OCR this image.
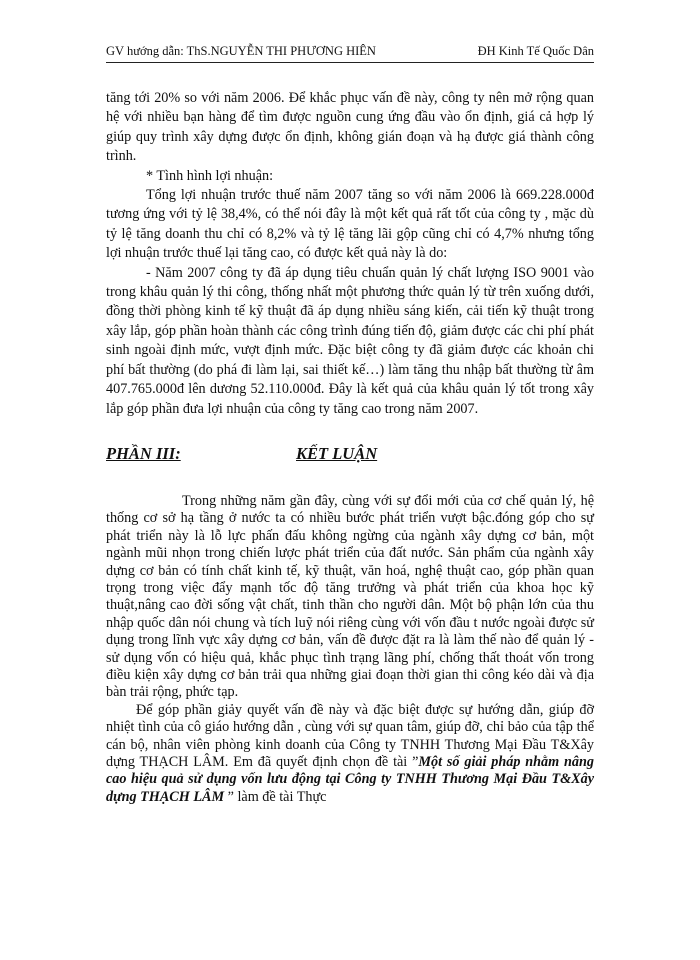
GV hướng dẫn: ThS.NGUYỄN THI PHƯƠNG HIÊN	ĐH Kinh Tế Quốc Dân

tăng tới 20% so với năm 2006. Để khắc phục vấn đề này, công ty nên mở rộng quan hệ với nhiều bạn hàng để tìm được nguồn cung ứng đầu vào ổn định, giá cả hợp lý giúp quy trình xây dựng được ổn định, không gián đoạn và hạ được giá thành công trình.

* Tình hình lợi nhuận:

Tổng lợi nhuận trước thuế năm 2007 tăng so với năm 2006 là 669.228.000đ tương ứng với tỷ lệ 38,4%, có thể nói đây là một kết quả rất tốt của công ty , mặc dù tỷ lệ tăng doanh thu chỉ có 8,2% và tỷ lệ tăng lãi gộp cũng chỉ có 4,7% nhưng tổng lợi nhuận trước thuế lại tăng cao, có được kết quả này là do:

- Năm 2007 công ty đã áp dụng tiêu chuẩn quản lý chất lượng ISO 9001 vào trong khâu quản lý thi công, thống nhất một phương thức quản lý từ trên xuống dưới, đồng thời phòng kinh tế kỹ thuật đã áp dụng nhiều sáng kiến, cải tiến kỹ thuật trong xây lắp, góp phần hoàn thành các công trình đúng tiến độ, giảm được các chi phí phát sinh ngoài định mức, vượt định mức. Đặc biệt công ty đã giảm được các khoản chi phí bất thường (do phá đi làm lại, sai thiết kế…) làm tăng thu nhập bất thường từ âm 407.765.000đ lên dương 52.110.000đ. Đây là kết quả của khâu quản lý tốt trong xây lắp góp phần đưa lợi nhuận của công ty tăng cao trong năm 2007.

PHẦN III:	KẾT LUẬN

Trong những năm gần đây, cùng với sự đổi mới của cơ chế quản lý, hệ thống cơ sở hạ tầng ở nước ta có nhiều bước phát triển vượt bậc.đóng góp cho sự phát triển này là lỗ lực phấn đấu không ngừng của ngành xây dựng cơ bản, một ngành mũi nhọn trong chiến lược phát triển của đất nước. Sản phẩm của ngành xây dựng cơ bản có tính chất kinh tế, kỹ thuật, văn hoá, nghệ thuật cao, góp phần quan trọng trong việc đẩy mạnh tốc độ tăng trưởng và phát triển của khoa học kỹ thuật,nâng cao đời sống vật chất, tinh thần cho người dân. Một bộ phận lớn của thu nhập quốc dân nói chung và tích luỹ nói riêng cùng với vốn đầu t nước ngoài được sử dụng trong lĩnh vực xây dựng cơ bản, vấn đề được đặt ra là làm thế nào để quản lý - sử dụng vốn có hiệu quả, khắc phục tình trạng lãng phí, chống thất thoát vốn trong điều kiện xây dựng cơ bản trải qua những giai đoạn thời gian thi công kéo dài và địa bàn trải rộng, phức tạp.

Để góp phần giảy quyết vấn đề này và đặc biệt được sự hướng dẫn, giúp đỡ nhiệt tình của cô giáo hướng dẫn , cùng với sự quan tâm, giúp đỡ, chỉ bảo của tập thể cán bộ, nhân viên phòng kinh doanh của Công ty TNHH Thương Mại Đầu T&Xây dựng THẠCH LÂM. Em đã quyết định chọn đề tài ”Một số giải pháp nhằm nâng cao hiệu quả sử dụng vốn lưu động tại Công ty TNHH Thương Mại Đầu T&Xây dựng THẠCH LÂM ” làm đề tài Thực
